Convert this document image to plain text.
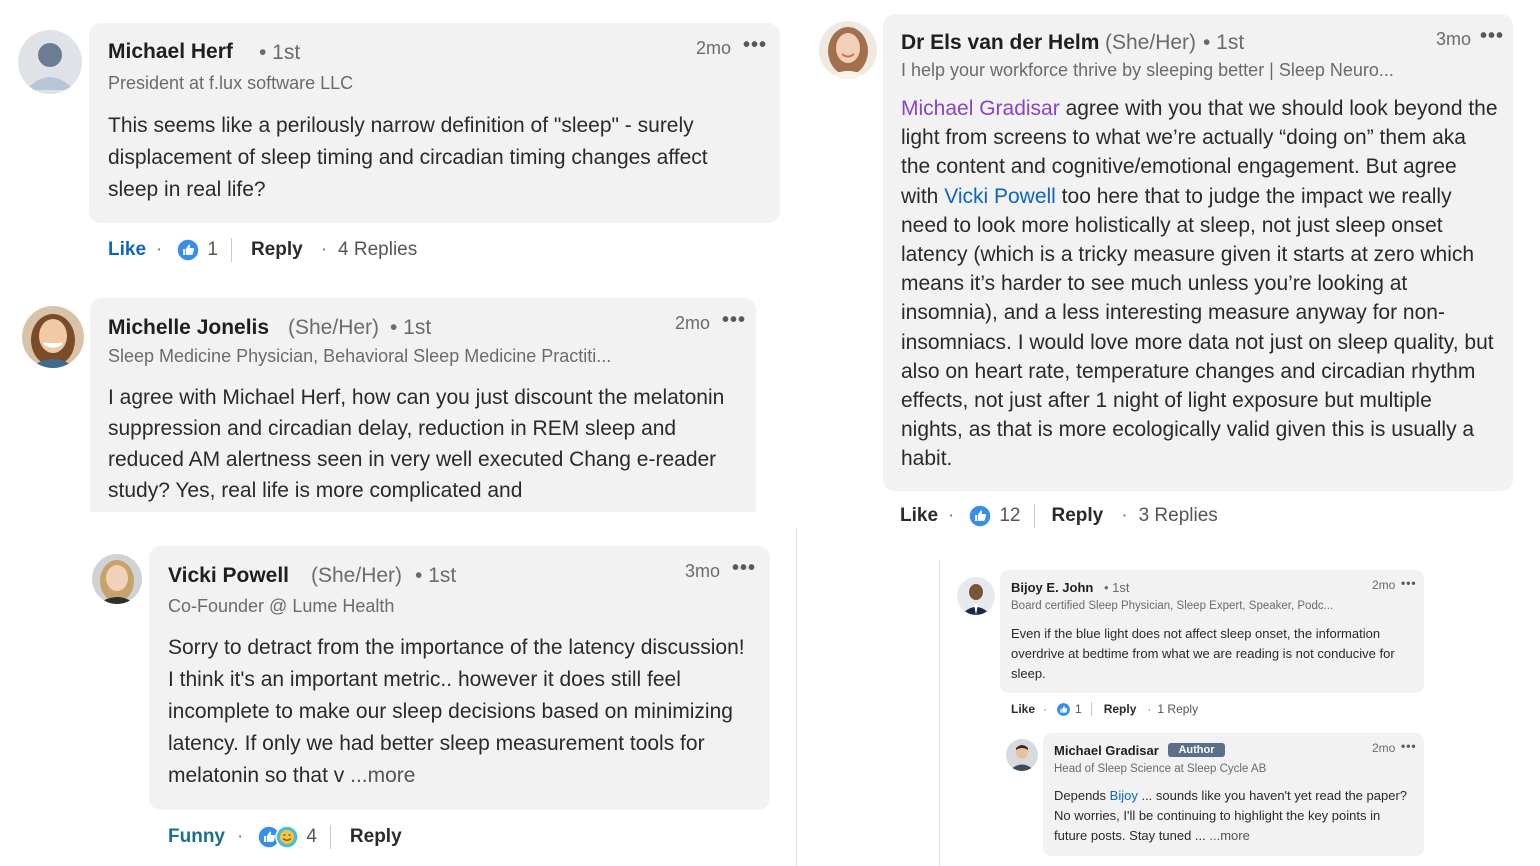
Michael Herf • 1st
President at f.lux software LLC
2mo •••
This seems like a perilously narrow definition of "sleep" - surely displacement of sleep timing and circadian timing changes affect sleep in real life?
Like · 1 Reply · 4 Replies
Michelle Jonelis (She/Her) • 1st
Sleep Medicine Physician, Behavioral Sleep Medicine Practiti...
2mo •••
I agree with Michael Herf, how can you just discount the melatonin suppression and circadian delay, reduction in REM sleep and reduced AM alertness seen in very well executed Chang e-reader study? Yes, real life is more complicated and
Vicki Powell (She/Her) • 1st
Co-Founder @ Lume Health
3mo •••
Sorry to detract from the importance of the latency discussion! I think it's an important metric.. however it does still feel incomplete to make our sleep decisions based on minimizing latency. If only we had better sleep measurement tools for melatonin so that v ...more
Funny ·	4 Reply
Dr Els van der Helm (She/Her) • 1st
I help your workforce thrive by sleeping better | Sleep Neuro...
3mo •••
Michael Gradisar agree with you that we should look beyond the light from screens to what we’re actually “doing on” them aka the content and cognitive/emotional engagement. But agree with Vicki Powell too here that to judge the impact we really need to look more holistically at sleep, not just sleep onset latency (which is a tricky measure given it starts at zero which means it’s harder to see much unless you’re looking at insomnia), and a less interesting measure anyway for non-insomniacs. I would love more data not just on sleep quality, but also on heart rate, temperature changes and circadian rhythm effects, not just after 1 night of light exposure but multiple nights, as that is more ecologically valid given this is usually a habit.
Like · 12 Reply · 3 Replies
Bijoy E. John • 1st
Board certified Sleep Physician, Sleep Expert, Speaker, Podc...
2mo •••
Even if the blue light does not affect sleep onset, the information overdrive at bedtime from what we are reading is not conducive for sleep.
Like · 1 Reply · 1 Reply
Michael Gradisar	Author
Head of Sleep Science at Sleep Cycle AB
2mo •••
Depends Bijoy ... sounds like you haven't yet read the paper? No worries, I'll be continuing to highlight the key points in future posts. Stay tuned ... ...more
